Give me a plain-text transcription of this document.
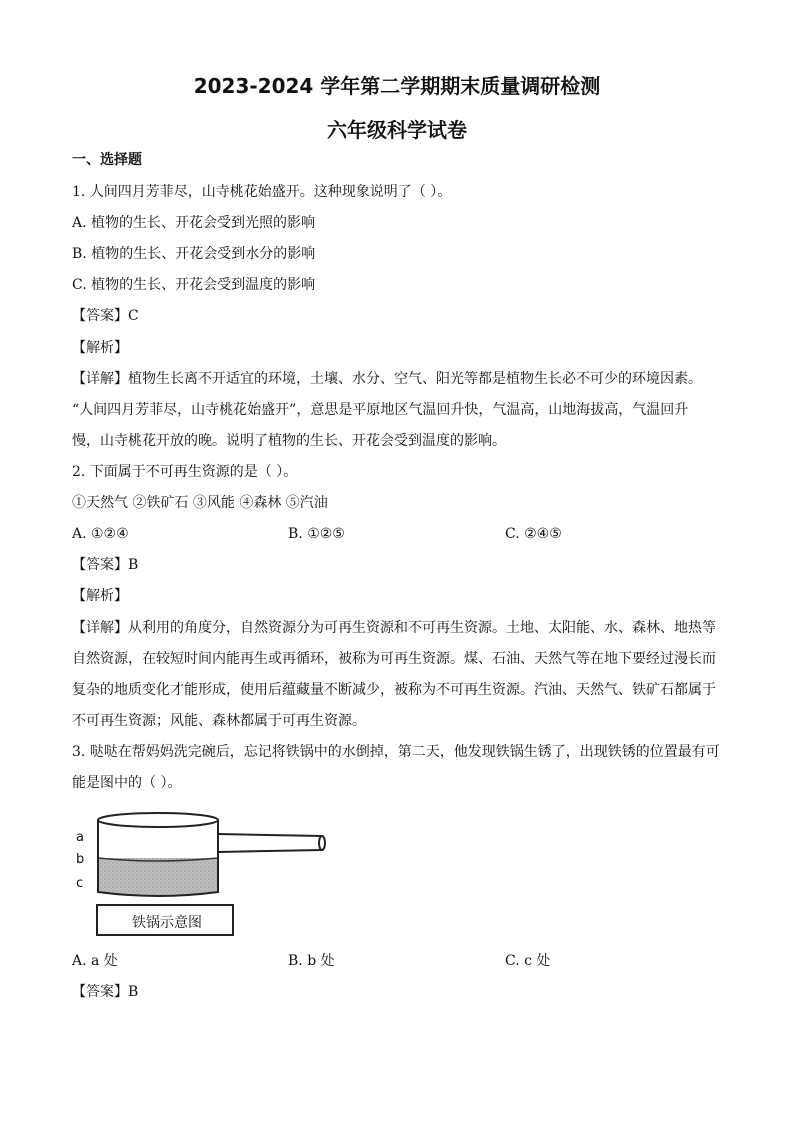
2023-2024 学年第二学期期末质量调研检测
六年级科学试卷
一、选择题
1. 人间四月芳菲尽，山寺桃花始盛开。这种现象说明了（ ）。
A. 植物的生长、开花会受到光照的影响
B. 植物的生长、开花会受到水分的影响
C. 植物的生长、开花会受到温度的影响
【答案】C
【解析】
【详解】植物生长离不开适宜的环境，土壤、水分、空气、阳光等都是植物生长必不可少的环境因素。
“人间四月芳菲尽，山寺桃花始盛开”，意思是平原地区气温回升快，气温高，山地海拔高，气温回升
慢，山寺桃花开放的晚。说明了植物的生长、开花会受到温度的影响。
2. 下面属于不可再生资源的是（ ）。
①天然气 ②铁矿石 ③风能 ④森林 ⑤汽油
A. ①②④	B. ①②⑤	C. ②④⑤
【答案】B
【解析】
【详解】从利用的角度分，自然资源分为可再生资源和不可再生资源。土地、太阳能、水、森林、地热等
自然资源，在较短时间内能再生或再循环，被称为可再生资源。煤、石油、天然气等在地下要经过漫长而
复杂的地质变化才能形成，使用后蕴藏量不断减少，被称为不可再生资源。汽油、天然气、铁矿石都属于
不可再生资源；风能、森林都属于可再生资源。
3. 哒哒在帮妈妈洗完碗后，忘记将铁锅中的水倒掉，第二天，他发现铁锅生锈了，出现铁锈的位置最有可
能是图中的（ ）。
a
b
c
铁锅示意图
A. a 处	B. b 处	C. c 处
【答案】B
